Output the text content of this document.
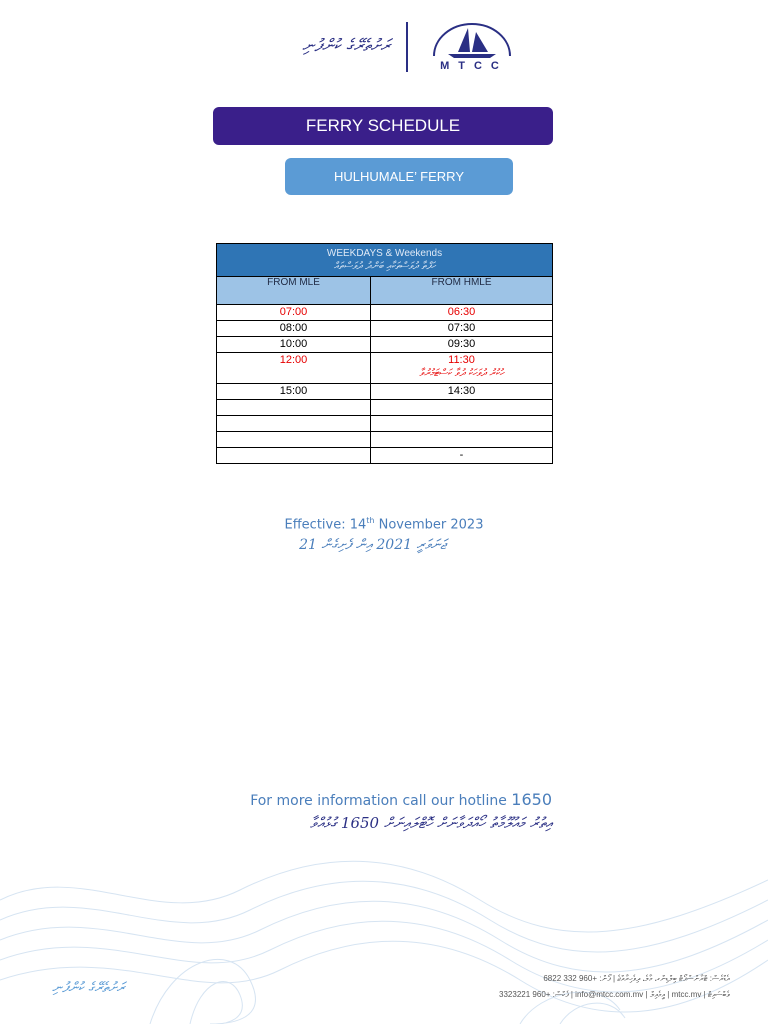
ރަށުތެރޭގެ ކުންފުނި
MTCC
FERRY SCHEDULE
HULHUMALE’ FERRY
WEEKDAYS & Weekends
ހަފްތާ ދުވަސްތަކާއި ބަންދު ދުވަސްތައް	

FROM MLE	FROM HMLE
07:00	06:30
08:00	07:30
10:00	09:30
12:00	11:30
ހުކުރު ދުވަހަކު ދުވާ ކަސްޓަމުރުވާ

15:00	14:30

	-
Effective: 14th November 2023
21 ޖަނަވަރީ 2021 އިން ފެށިގެން
For more information call our hotline 1650
އިތުރު މައުލޫމާތު ހޯއްދަވާނަށް ހޮޓްލައިނަށް 1650 ގުޅުއްވާ
ރަށުތެރޭގެ ކުންފުނި
އެޑްރެސް: ޓްރާންސްޕޯޓް ބިލްޑިންގ، މާލެ، ދިވެހިރާއްޖެ | ފޯން: +960 332 6822
ފެކްސް: +960 3323221 | info@mtcc.com.mv | އީމެއިލް | mtcc.mv | ވެބްސައިޓް
